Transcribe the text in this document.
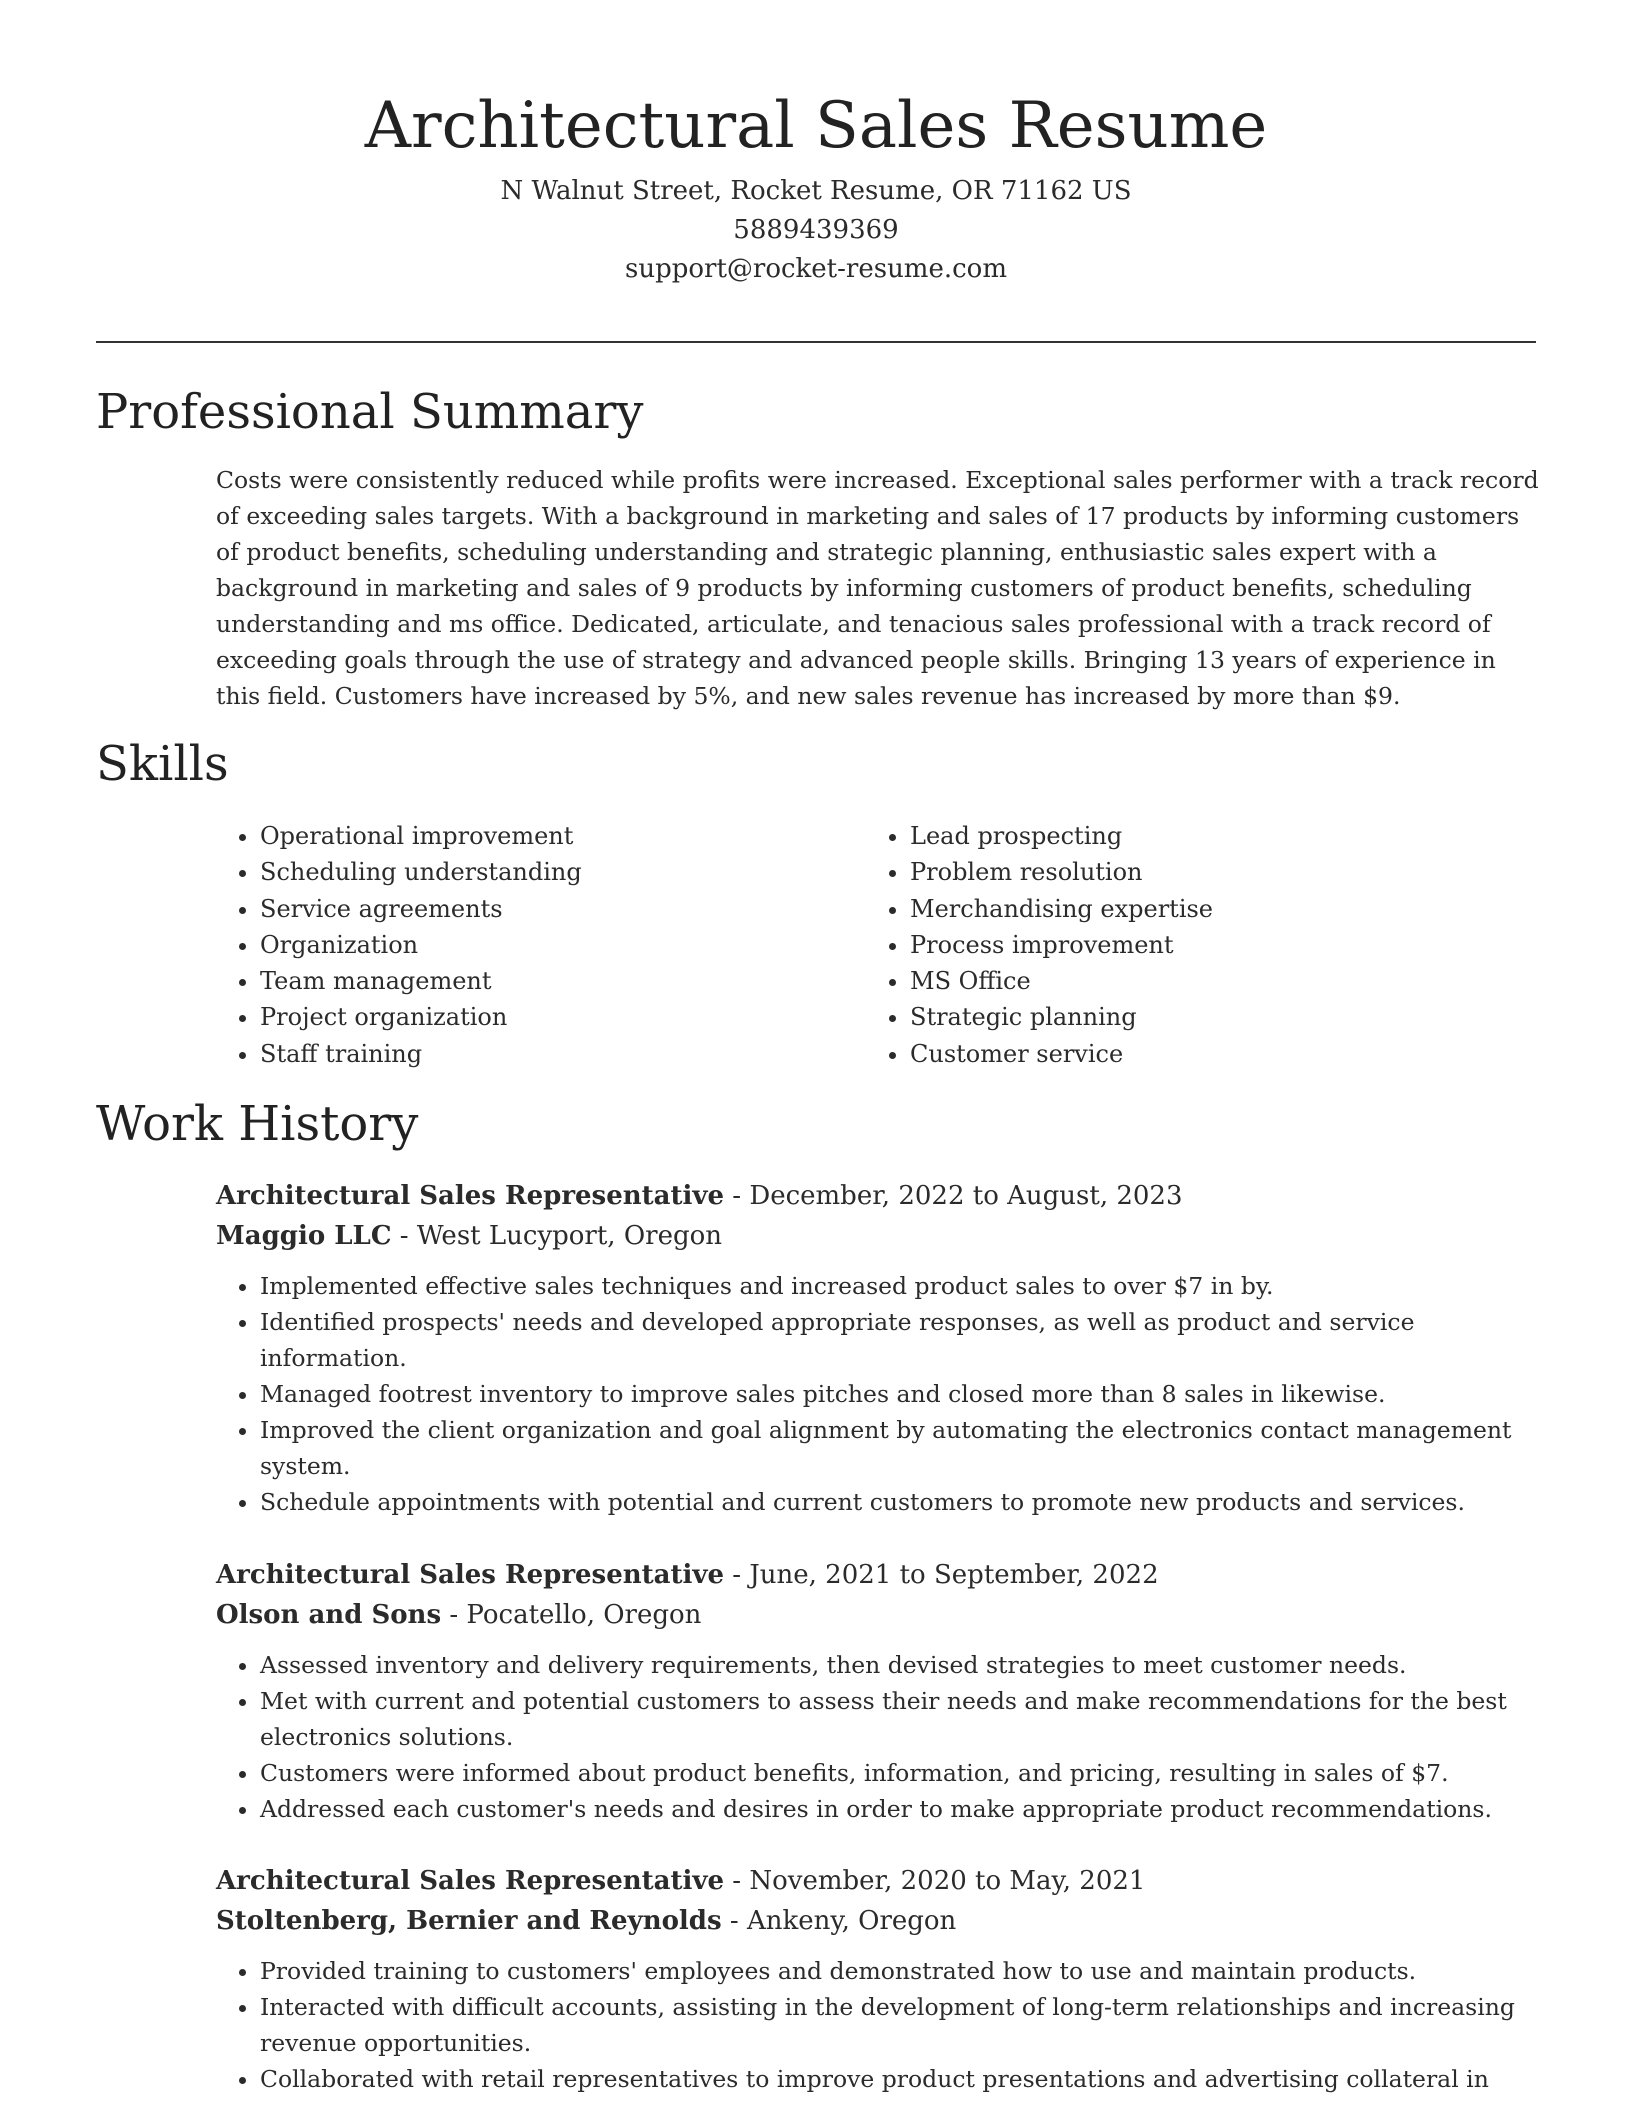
Architectural Sales Resume
N Walnut Street, Rocket Resume, OR 71162 US
5889439369
support@rocket-resume.com
Professional Summary
Costs were consistently reduced while profits were increased. Exceptional sales performer with a track record of exceeding sales targets. With a background in marketing and sales of 17 products by informing customers of product benefits, scheduling understanding and strategic planning, enthusiastic sales expert with a background in marketing and sales of 9 products by informing customers of product benefits, scheduling understanding and ms office. Dedicated, articulate, and tenacious sales professional with a track record of exceeding goals through the use of strategy and advanced people skills. Bringing 13 years of experience in this field. Customers have increased by 5%, and new sales revenue has increased by more than $9.
Skills
• Operational improvement
• Scheduling understanding
• Service agreements
• Organization
• Team management
• Project organization
• Staff training
• Lead prospecting
• Problem resolution
• Merchandising expertise
• Process improvement
• MS Office
• Strategic planning
• Customer service
Work History
Architectural Sales Representative - December, 2022 to August, 2023
Maggio LLC - West Lucyport, Oregon
• Implemented effective sales techniques and increased product sales to over $7 in by.
• Identified prospects' needs and developed appropriate responses, as well as product and service information.
• Managed footrest inventory to improve sales pitches and closed more than 8 sales in likewise.
• Improved the client organization and goal alignment by automating the electronics contact management system.
• Schedule appointments with potential and current customers to promote new products and services.
Architectural Sales Representative - June, 2021 to September, 2022
Olson and Sons - Pocatello, Oregon
• Assessed inventory and delivery requirements, then devised strategies to meet customer needs.
• Met with current and potential customers to assess their needs and make recommendations for the best electronics solutions.
• Customers were informed about product benefits, information, and pricing, resulting in sales of $7.
• Addressed each customer's needs and desires in order to make appropriate product recommendations.
Architectural Sales Representative - November, 2020 to May, 2021
Stoltenberg, Bernier and Reynolds - Ankeny, Oregon
• Provided training to customers' employees and demonstrated how to use and maintain products.
• Interacted with difficult accounts, assisting in the development of long-term relationships and increasing revenue opportunities.
• Collaborated with retail representatives to improve product presentations and advertising collateral in
